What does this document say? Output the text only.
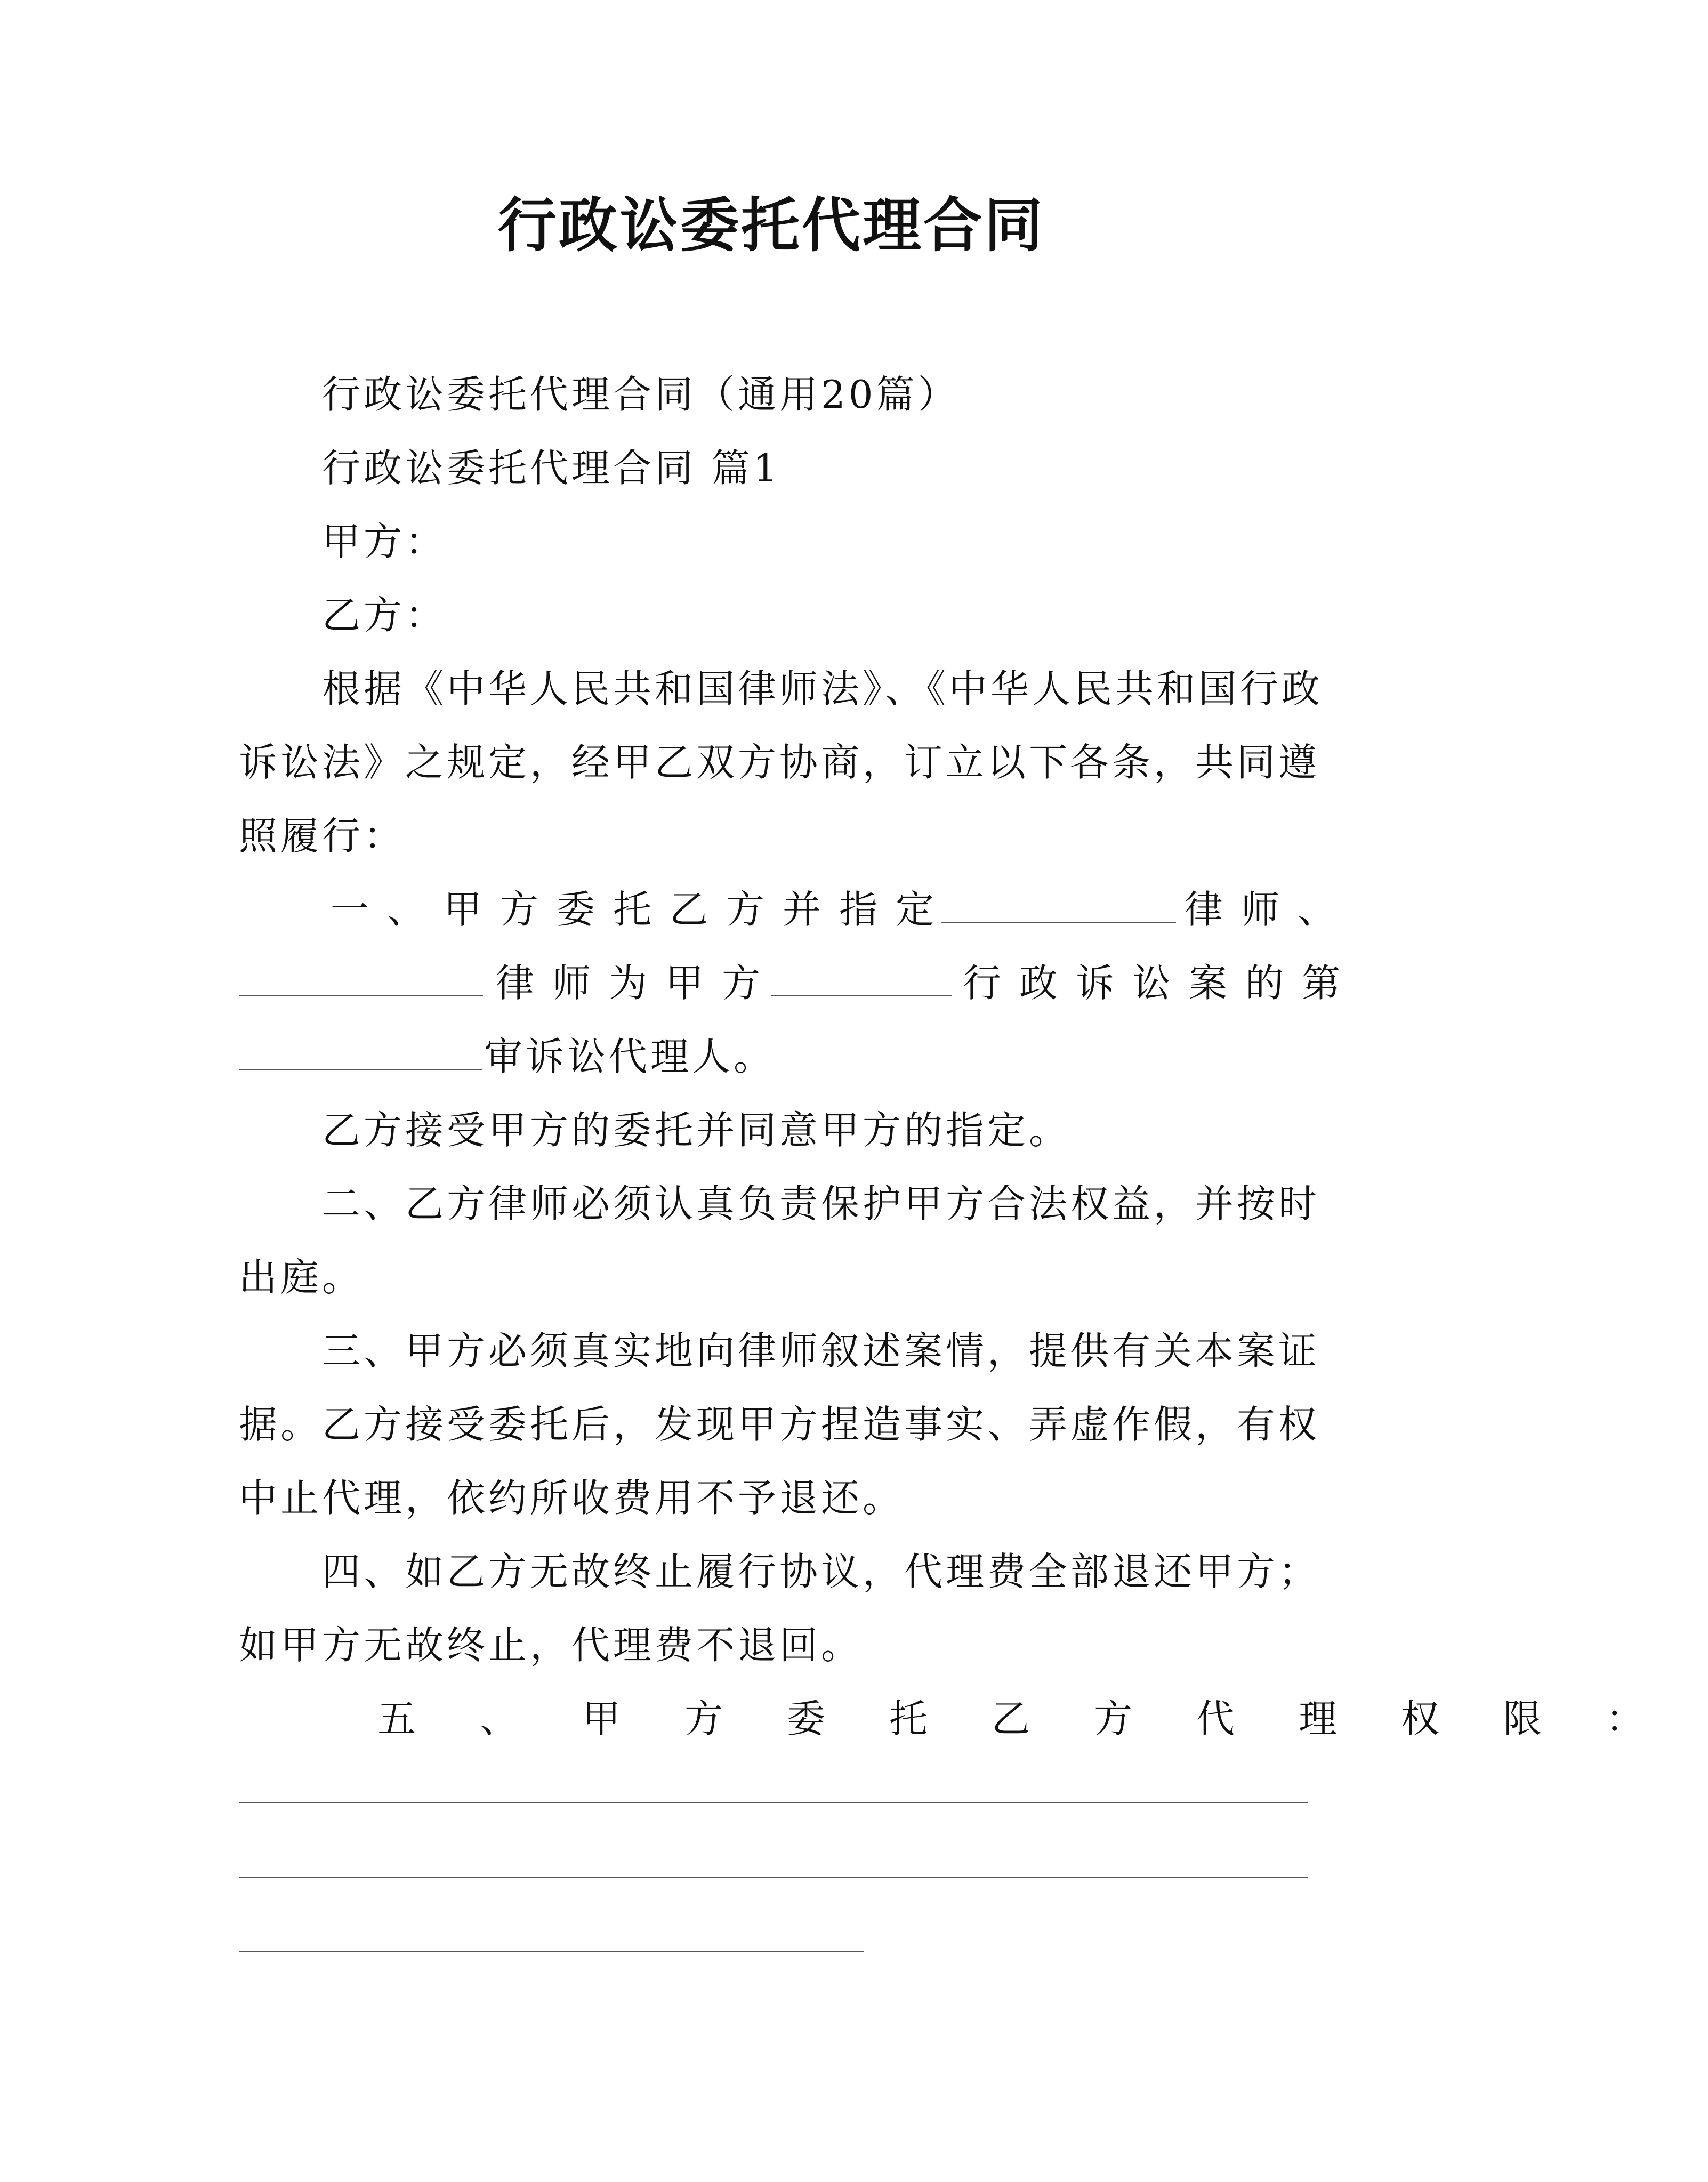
行政讼委托代理合同
行政讼委托代理合同（通用20篇）
行政讼委托代理合同 篇1
甲方：
乙方：
根据《中华人民共和国律师法》、《中华人民共和国行政
诉讼法》之规定，经甲乙双方协商，订立以下各条，共同遵
照履行：
一、甲方委托乙方并指定	律师、
律师为甲方	行政诉讼案的第
审诉讼代理人。
乙方接受甲方的委托并同意甲方的指定。
二、乙方律师必须认真负责保护甲方合法权益，并按时
出庭。
三、甲方必须真实地向律师叙述案情，提供有关本案证
据。乙方接受委托后，发现甲方捏造事实、弄虚作假，有权
中止代理，依约所收费用不予退还。
四、如乙方无故终止履行协议，代理费全部退还甲方；
如甲方无故终止，代理费不退回。
五、甲方委托乙方代理权限：
